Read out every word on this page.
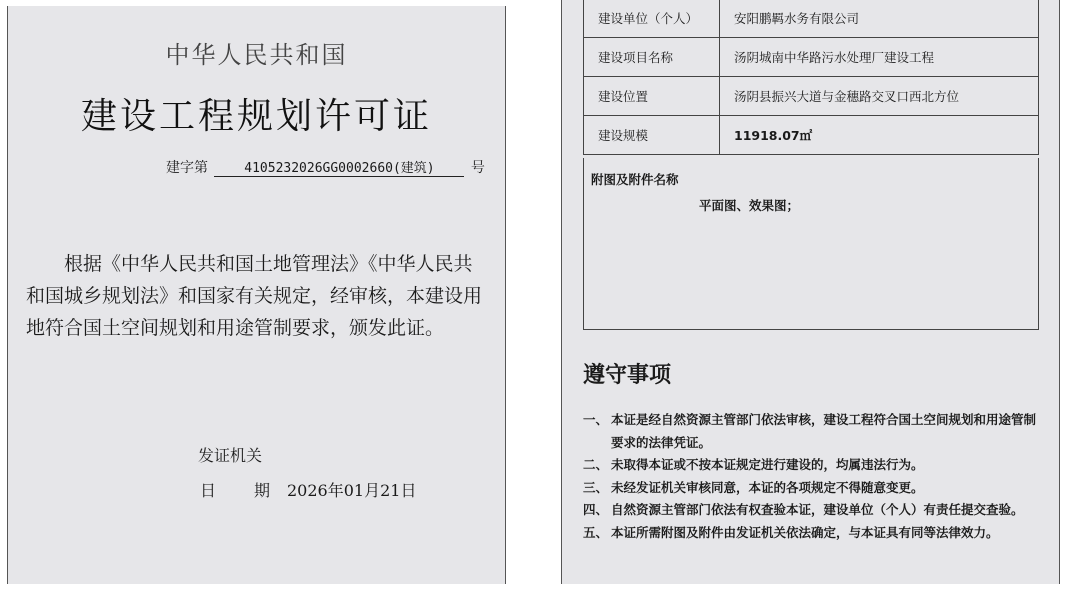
中华人民共和国
建设工程规划许可证
建字第	4105232026GG0002660(建筑)	号
根据《中华人民共和国土地管理法》《中华人民共和国城乡规划法》和国家有关规定，经审核，本建设用地符合国土空间规划和用途管制要求，颁发此证。
发证机关
日 期 2026年01月21日
建设单位（个人）	安阳鹏羁水务有限公司
建设项目名称	汤阴城南中华路污水处理厂建设工程
建设位置	汤阴县振兴大道与金穗路交叉口西北方位
建设规模	11918.07㎡
附图及附件名称
平面图、效果图；
遵守事项
一、 本证是经自然资源主管部门依法审核，建设工程符合国土空间规划和用途管制要求的法律凭证。
二、 未取得本证或不按本证规定进行建设的，均属违法行为。
三、 未经发证机关审核同意，本证的各项规定不得随意变更。
四、 自然资源主管部门依法有权查验本证，建设单位（个人）有责任提交查验。
五、 本证所需附图及附件由发证机关依法确定，与本证具有同等法律效力。
